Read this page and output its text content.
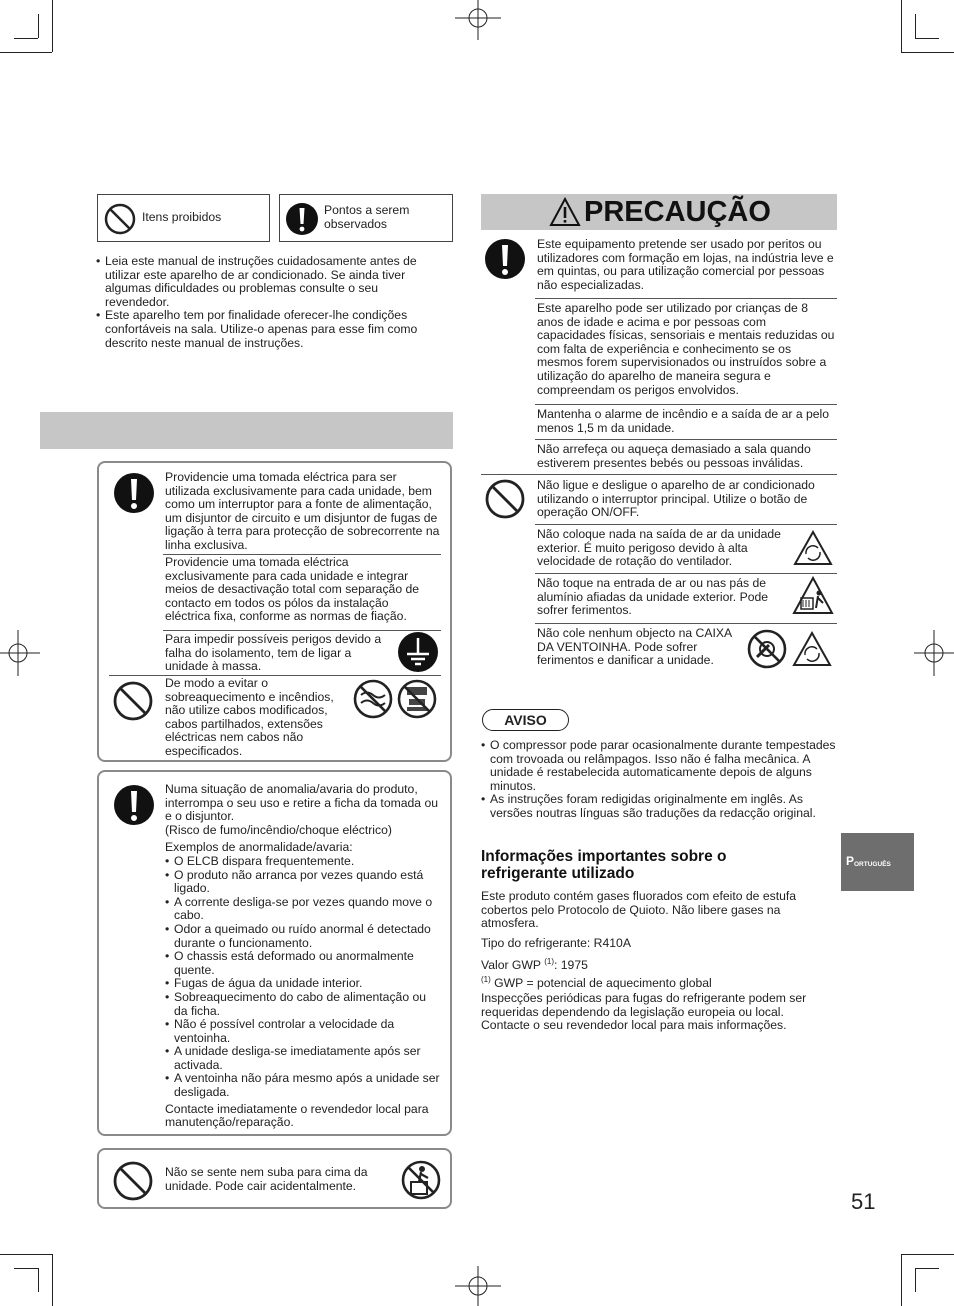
Itens proibidos	Pontos a serem observados
• Leia este manual de instruções cuidadosamente antes de utilizar este aparelho de ar condicionado. Se ainda tiver algumas dificuldades ou problemas consulte o seu revendedor.
• Este aparelho tem por finalidade oferecer-lhe condições confortáveis na sala. Utilize-o apenas para esse fim como descrito neste manual de instruções.
Providencie uma tomada eléctrica para ser utilizada exclusivamente para cada unidade, bem como um interruptor para a fonte de alimentação, um disjuntor de circuito e um disjuntor de fugas de ligação à terra para protecção de sobrecorrente na linha exclusiva.
Providencie uma tomada eléctrica exclusivamente para cada unidade e integrar meios de desactivação total com separação de contacto em todos os pólos da instalação eléctrica fixa, conforme as normas de fiação.
Para impedir possíveis perigos devido a falha do isolamento, tem de ligar a unidade à massa.
De modo a evitar o sobreaquecimento e incêndios, não utilize cabos modificados, cabos partilhados, extensões eléctricas nem cabos não especificados.
Numa situação de anomalia/avaria do produto, interrompa o seu uso e retire a ficha da tomada ou e o disjuntor.
(Risco de fumo/incêndio/choque eléctrico)
Exemplos de anormalidade/avaria:
• O ELCB dispara frequentemente.
• O produto não arranca por vezes quando está ligado.
• A corrente desliga-se por vezes quando move o cabo.
• Odor a queimado ou ruído anormal é detectado durante o funcionamento.
• O chassis está deformado ou anormalmente quente.
• Fugas de água da unidade interior.
• Sobreaquecimento do cabo de alimentação ou da ficha.
• Não é possível controlar a velocidade da ventoinha.
• A unidade desliga-se imediatamente após ser activada.
• A ventoinha não pára mesmo após a unidade ser desligada.
Contacte imediatamente o revendedor local para manutenção/reparação.
Não se sente nem suba para cima da unidade. Pode cair acidentalmente.
PRECAUÇÃO
Este equipamento pretende ser usado por peritos ou utilizadores com formação em lojas, na indústria leve e em quintas, ou para utilização comercial por pessoas não especializadas.
Este aparelho pode ser utilizado por crianças de 8 anos de idade e acima e por pessoas com capacidades físicas, sensoriais e mentais reduzidas ou com falta de experiência e conhecimento se os mesmos forem supervisionados ou instruídos sobre a utilização do aparelho de maneira segura e compreendam os perigos envolvidos.
Mantenha o alarme de incêndio e a saída de ar a pelo menos 1,5 m da unidade.
Não arrefeça ou aqueça demasiado a sala quando estiverem presentes bebés ou pessoas inválidas.
Não ligue e desligue o aparelho de ar condicionado utilizando o interruptor principal. Utilize o botão de operação ON/OFF.
Não coloque nada na saída de ar da unidade exterior. É muito perigoso devido à alta velocidade de rotação do ventilador.
Não toque na entrada de ar ou nas pás de alumínio afiadas da unidade exterior. Pode sofrer ferimentos.
Não cole nenhum objecto na CAIXA DA VENTOINHA. Pode sofrer ferimentos e danificar a unidade.
AVISO
• O compressor pode parar ocasionalmente durante tempestades com trovoada ou relâmpagos. Isso não é falha mecânica. A unidade é restabelecida automaticamente depois de alguns minutos.
• As instruções foram redigidas originalmente em inglês. As versões noutras línguas são traduções da redacção original.
Informações importantes sobre o refrigerante utilizado
Este produto contém gases fluorados com efeito de estufa cobertos pelo Protocolo de Quioto. Não libere gases na atmosfera.
Tipo do refrigerante: R410A
Valor GWP $^{(1)}$: 1975
$^{(1)}$ GWP = potencial de aquecimento global
Inspecções periódicas para fugas do refrigerante podem ser requeridas dependendo da legislação europeia ou local. Contacte o seu revendedor local para mais informações.
P ORTUGUÊS
51
